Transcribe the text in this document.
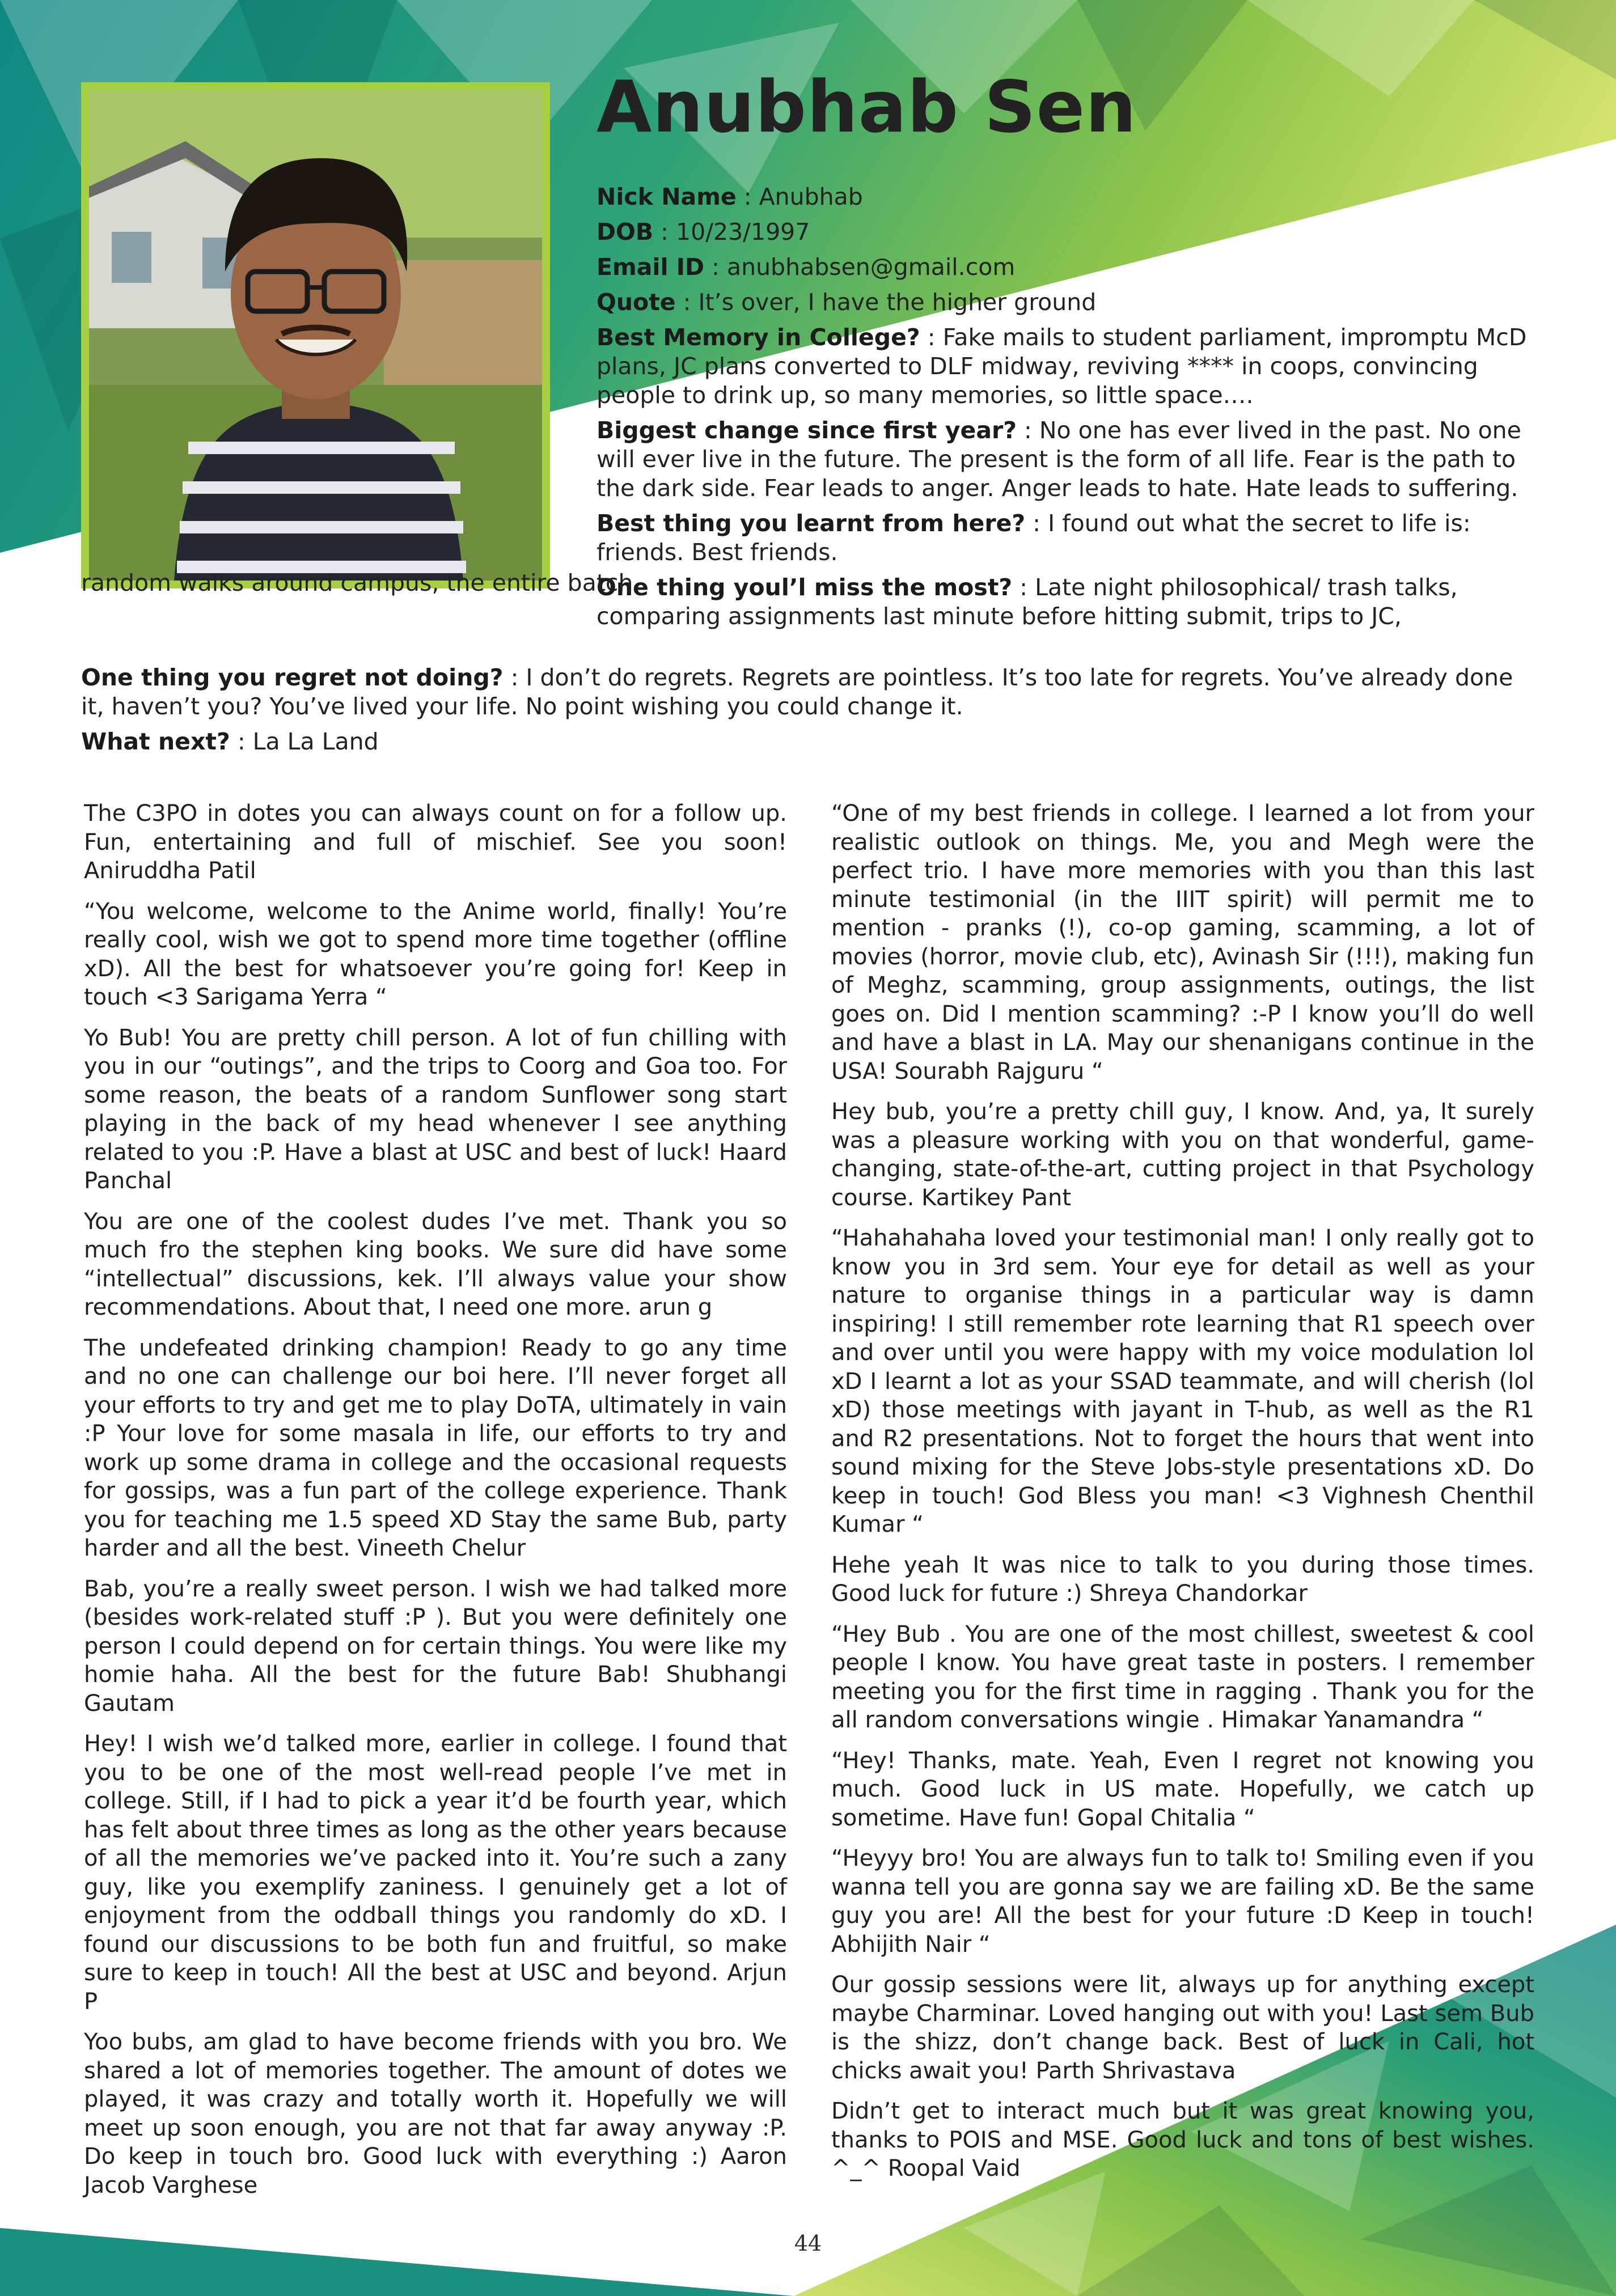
Anubhab Sen
Nick Name : Anubhab
DOB : 10/23/1997
Email ID : anubhabsen@gmail.com
Quote : It’s over, I have the higher ground
Best Memory in College? : Fake mails to student parliament, impromptu McD plans, JC plans converted to DLF midway, reviving **** in coops, convincing people to drink up, so many memories, so little space….
Biggest change since first year? : No one has ever lived in the past. No one will ever live in the future. The present is the form of all life. Fear is the path to the dark side. Fear leads to anger. Anger leads to hate. Hate leads to suffering.
Best thing you learnt from here? : I found out what the secret to life is: friends. Best friends.
One thing youl’l miss the most? : Late night philosophical/ trash talks, comparing assignments last minute before hitting submit, trips to JC,
random walks around campus, the entire batch
One thing you regret not doing? : I don’t do regrets. Regrets are pointless. It’s too late for regrets. You’ve already done it, haven’t you? You’ve lived your life. No point wishing you could change it.
What next? : La La Land

The C3PO in dotes you can always count on for a follow up. Fun, entertaining and full of mischief. See you soon! Aniruddha Patil

“You welcome, welcome to the Anime world, finally! You’re really cool, wish we got to spend more time together (offline xD). All the best for whatsoever you’re going for! Keep in touch <3 Sarigama Yerra “

Yo Bub! You are pretty chill person. A lot of fun chilling with you in our “outings”, and the trips to Coorg and Goa too. For some reason, the beats of a random Sunflower song start playing in the back of my head whenever I see anything related to you :P. Have a blast at USC and best of luck! Haard Panchal

You are one of the coolest dudes I’ve met. Thank you so much fro the stephen king books. We sure did have some “intellectual” discussions, kek. I’ll always value your show recommendations. About that, I need one more. arun g

The undefeated drinking champion! Ready to go any time and no one can challenge our boi here. I’ll never forget all your efforts to try and get me to play DoTA, ultimately in vain :P Your love for some masala in life, our efforts to try and work up some drama in college and the occasional requests for gossips, was a fun part of the college experience. Thank you for teaching me 1.5 speed XD Stay the same Bub, party harder and all the best. Vineeth Chelur

Bab, you’re a really sweet person. I wish we had talked more (besides work-related stuff :P ). But you were definitely one person I could depend on for certain things. You were like my homie haha. All the best for the future Bab! Shubhangi Gautam

Hey! I wish we’d talked more, earlier in college. I found that you to be one of the most well-read people I’ve met in college. Still, if I had to pick a year it’d be fourth year, which has felt about three times as long as the other years because of all the memories we’ve packed into it. You’re such a zany guy, like you exemplify zaniness. I genuinely get a lot of enjoyment from the oddball things you randomly do xD. I found our discussions to be both fun and fruitful, so make sure to keep in touch! All the best at USC and beyond. Arjun P

Yoo bubs, am glad to have become friends with you bro. We shared a lot of memories together. The amount of dotes we played, it was crazy and totally worth it. Hopefully we will meet up soon enough, you are not that far away anyway :P. Do keep in touch bro. Good luck with everything :) Aaron Jacob Varghese

“One of my best friends in college. I learned a lot from your realistic outlook on things. Me, you and Megh were the perfect trio. I have more memories with you than this last minute testimonial (in the IIIT spirit) will permit me to mention - pranks (!), co-op gaming, scamming, a lot of movies (horror, movie club, etc), Avinash Sir (!!!), making fun of Meghz, scamming, group assignments, outings, the list goes on. Did I mention scamming? :-P I know you’ll do well and have a blast in LA. May our shenanigans continue in the USA! Sourabh Rajguru “

Hey bub, you’re a pretty chill guy, I know. And, ya, It surely was a pleasure working with you on that wonderful, game-changing, state-of-the-art, cutting project in that Psychology course. Kartikey Pant

“Hahahahaha loved your testimonial man! I only really got to know you in 3rd sem. Your eye for detail as well as your nature to organise things in a particular way is damn inspiring! I still remember rote learning that R1 speech over and over until you were happy with my voice modulation lol xD I learnt a lot as your SSAD teammate, and will cherish (lol xD) those meetings with jayant in T-hub, as well as the R1 and R2 presentations. Not to forget the hours that went into sound mixing for the Steve Jobs-style presentations xD. Do keep in touch! God Bless you man! <3 Vighnesh Chenthil Kumar “

Hehe yeah It was nice to talk to you during those times. Good luck for future :) Shreya Chandorkar

“Hey Bub . You are one of the most chillest, sweetest & cool people I know. You have great taste in posters. I remember meeting you for the first time in ragging . Thank you for the all random conversations wingie . Himakar Yanamandra “

“Hey! Thanks, mate. Yeah, Even I regret not knowing you much. Good luck in US mate. Hopefully, we catch up sometime. Have fun! Gopal Chitalia “

“Heyyy bro! You are always fun to talk to! Smiling even if you wanna tell you are gonna say we are failing xD. Be the same guy you are! All the best for your future :D Keep in touch! Abhijith Nair “

Our gossip sessions were lit, always up for anything except maybe Charminar. Loved hanging out with you! Last sem Bub is the shizz, don’t change back. Best of luck in Cali, hot chicks await you! Parth Shrivastava

Didn’t get to interact much but it was great knowing you, thanks to POIS and MSE. Good luck and tons of best wishes. ^_^ Roopal Vaid

44
